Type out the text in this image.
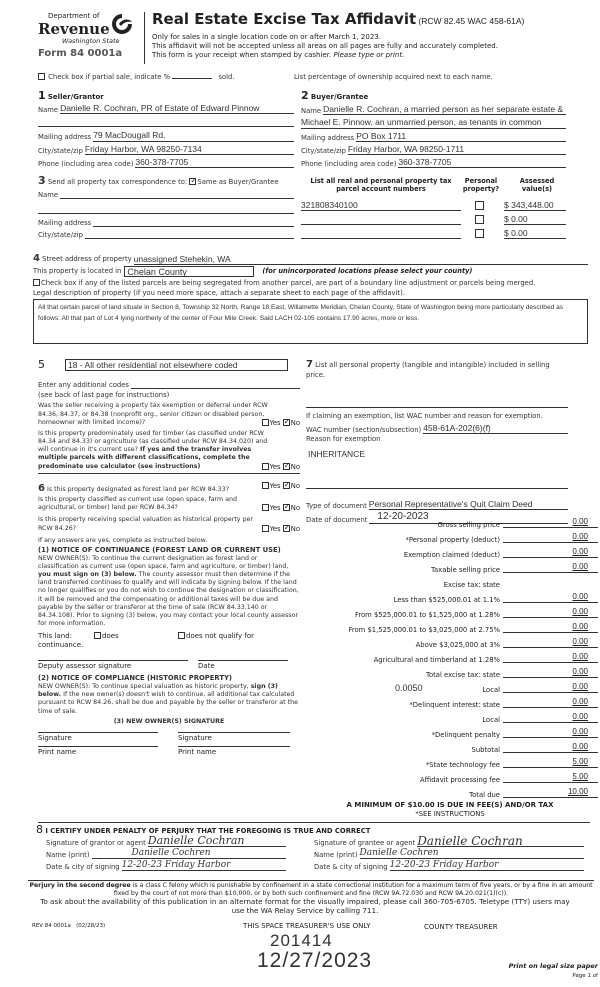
Department of
Revenue
Washington State
Form 84 0001a
Real Estate Excise Tax Affidavit (RCW 82.45 WAC 458-61A)
Only for sales in a single location code on or after March 1, 2023.
This affidavit will not be accepted unless all areas on all pages are fully and accurately completed.
This form is your receipt when stamped by cashier. Please type or print.
Check box if partial sale, indicate %	sold.	List percentage of ownership acquired next to each name.
1 Seller/Grantor
Name Danielle R. Cochran, PR of Estate of Edward Pinnow
Mailing address 79 MacDougall Rd.
City/state/zip Friday Harbor, WA 98250-7134
Phone (including area code) 360-378-7705
3 Send all property tax correspondence to: ✓ Same as Buyer/Grantee
Name
Mailing address
City/state/zip
2 Buyer/Grantee
Name Danielle R. Cochran, a married person as her separate estate &
Michael E. Pinnow, an unmarried person, as tenants in common
Mailing address PO Box 1711
City/state/zip Friday Harbor, WA 98250-1711
Phone (including area code) 360-378-7705
List all real and personal property tax parcel account numbers
Personal property?
Assessed value(s)
321808340100	$ 343,448.00
$ 0.00
$ 0.00
4 Street address of property unassigned Stehekin, WA
This property is located in Chelan County	(for unincorporated locations please select your county)
Check box if any of the listed parcels are being segregated from another parcel, are part of a boundary line adjustment or parcels being merged.
Legal description of property (if you need more space, attach a separate sheet to each page of the affidavit).
All that certain parcel of land situate in Section 8, Township 32 North, Range 18 East, Willamette Meridian, Chelan County, State of Washington being more particularly described as follows: All that part of Lot 4 lying northerly of the center of Four Mile Creek. Said LACH 02-105 contains 17.90 acres, more or less.
5	18 - All other residential not elsewhere coded
Enter any additional codes
(see back of last page for instructions)

Was the seller receiving a property tax exemption or deferral under RCW 84.36, 84.37, or 84.38 (nonprofit org., senior citizen or disabled person, homeowner with limited income)?	Yes ✓ No

Is this property predominately used for timber (as classified under RCW 84.34 and 84.33) or agriculture (as classified under RCW 84.34.020) and will continue in it's current use? If yes and the transfer involves multiple parcels with different classifications, complete the predominate use calculator (see instructions)	Yes ✓ No

6 Is this property designated as forest land per RCW 84.33?	Yes ✓ No

Is this property classified as current use (open space, farm and agricultural, or timber) land per RCW 84.34?	Yes ✓ No

Is this property receiving special valuation as historical property per RCW 84.26?	Yes ✓ No

If any answers are yes, complete as instructed below.

(1) NOTICE OF CONTINUANCE (FOREST LAND OR CURRENT USE)

NEW OWNER(S): To continue the current designation as forest land or classification as current use (open space, farm and agriculture, or timber) land, you must sign on (3) below. The county assessor must then determine if the land transferred continues to qualify and will indicate by signing below. If the land no longer qualifies or you do not wish to continue the designation or classification, it will be removed and the compensating or additional taxes will be due and payable by the seller or transferor at the time of sale (RCW 84.33.140 or 84.34.108). Prior to signing (3) below, you may contact your local county assessor for more information.

This land:	does	does not qualify for
continuance.
Deputy assessor signature	Date

(2) NOTICE OF COMPLIANCE (HISTORIC PROPERTY)

NEW OWNER(S): To continue special valuation as historic property, sign (3) below. If the new owner(s) doesn't wish to continue, all additional tax calculated pursuant to RCW 84.26, shall be due and payable by the seller or transferor at the time of sale.

(3) NEW OWNER(S) SIGNATURE

Signature	Signature
Print name	Print name

7 List all personal property (tangible and intangible) included in selling price.

If claiming an exemption, list WAC number and reason for exemption.

WAC number (section/subsection) 458-61A-202(6)(f)

Reason for exemption

INHERITANCE
Type of document Personal Representative's Quit Claim Deed
Date of document	12-20-2023
Gross selling price	0.00
*Personal property (deduct)	0.00
Exemption claimed (deduct)	0.00
Taxable selling price	0.00
Excise tax: state
Less than $525,000.01 at 1.1%	0.00
From $525,000.01 to $1,525,000 at 1.28%	0.00
From $1,525,000.01 to $3,025,000 at 2.75%	0.00
Above $3,025,000 at 3%	0.00
Agricultural and timberland at 1.28%	0.00
Total excise tax: state	0.00
0.0050	Local	0.00
*Delinquent interest: state	0.00
Local	0.00
*Delinquent penalty	0.00
Subtotal	0.00
*State technology fee	5.00
Affidavit processing fee	5.00
Total due	10.00
A MINIMUM OF $10.00 IS DUE IN FEE(S) AND/OR TAX
*SEE INSTRUCTIONS
8 I CERTIFY UNDER PENALTY OF PERJURY THAT THE FOREGOING IS TRUE AND CORRECT
Signature of grantor or agent Danielle Cochran
Name (print)	Danielle Cochren
Date & city of signing 12-20-23 Friday Harbor
Signature of grantee or agent Danielle Cochran
Name (print) Danielle Cochren
Date & city of signing 12-20-23 Friday Harbor
Perjury in the second degree is a class C felony which is punishable by confinement in a state correctional institution for a maximum term of five years, or by a fine in an amount fixed by the court of not more than $10,000, or by both such confinement and fine (RCW 9A.72.030 and RCW 9A.20.021(1)(c)).
To ask about the availability of this publication in an alternate format for the visually impaired, please call 360-705-6705. Teletype (TTY) users may use the WA Relay Service by calling 711.
REV 84 0001a   (02/28/23)	THIS SPACE TREASURER'S USE ONLY	COUNTY TREASURER
201414
12/27/2023	Print on legal size paper
Page 1 of
